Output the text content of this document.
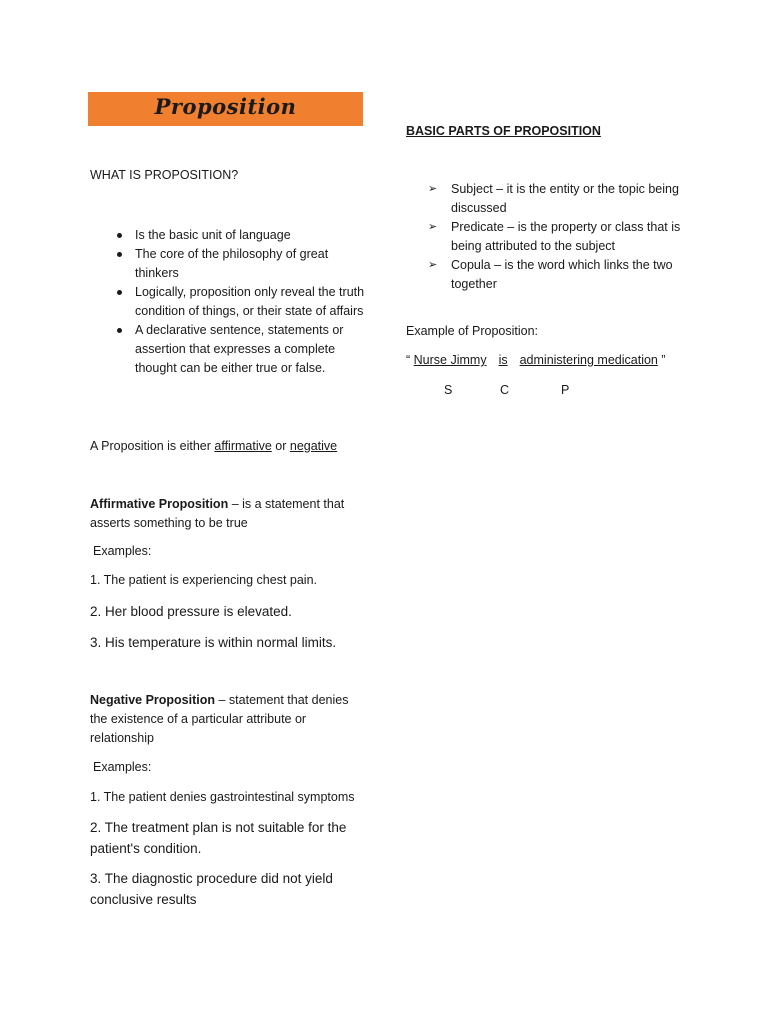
Proposition
WHAT IS PROPOSITION?
Is the basic unit of language
The core of the philosophy of great thinkers
Logically, proposition only reveal the truth condition of things, or their state of affairs
A declarative sentence, statements or assertion that expresses a complete thought can be either true or false.
A Proposition is either affirmative or negative
Affirmative Proposition – is a statement that asserts something to be true
Examples:
1. The patient is experiencing chest pain.
2. Her blood pressure is elevated.
3. His temperature is within normal limits.
Negative Proposition – statement that denies the existence of a particular attribute or relationship
Examples:
1. The patient denies gastrointestinal symptoms
2. The treatment plan is not suitable for the patient's condition.
3. The diagnostic procedure did not yield conclusive results
BASIC PARTS OF PROPOSITION
➢ Subject – it is the entity or the topic being discussed
➢ Predicate – is the property or class that is being attributed to the subject
➢ Copula – is the word which links the two together
Example of Proposition:
“ Nurse Jimmy is administering medication ”
S	C	P
